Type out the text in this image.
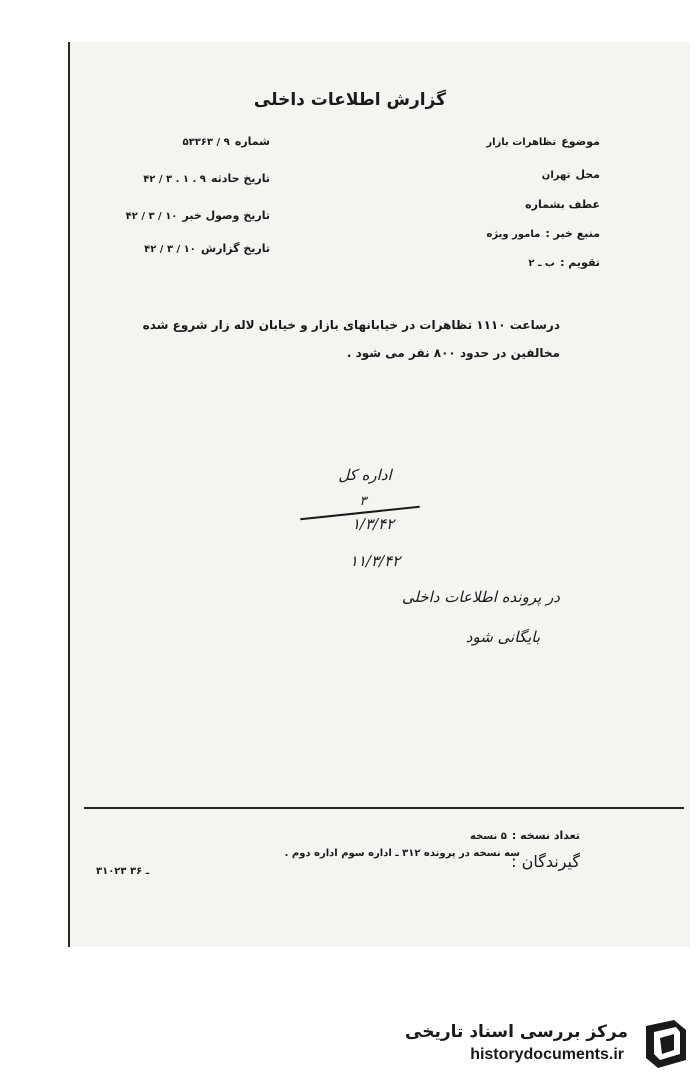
گزارش اطلاعات داخلی
شماره ۹ / ۵۳۳۶۳
تاریخ حادثه ۹ . ۱ . ۳ / ۴۲
تاریخ وصول خبر ۱۰ / ۳ / ۴۲
تاریخ گزارش ۱۰ / ۳ / ۴۲
موضوع تظاهرات بازار
محل تهران
عطف بشماره
منبع خبر : مامور ویژه
تقویم : ب ـ ۲
درساعت ۱۱۱۰ تظاهرات در خیابانهای بازار و خیابان لاله زار شروع شده
مخالفین در حدود ۸۰۰ نفر می شود .
اداره کل
۳
۱/۳/۴۲
۱۱/۳/۴۲
در پرونده اطلاعات داخلی
بایگانی شود
تعداد نسخه : ۵ نسخه
گیرندگان :
سه نسخه در پرونده ۳۱۲ ـ اداره سوم اداره دوم .
۳۱۰۲۳ ـ ۳۶
مرکز بررسی اسناد تاریخی
historydocuments.ir
